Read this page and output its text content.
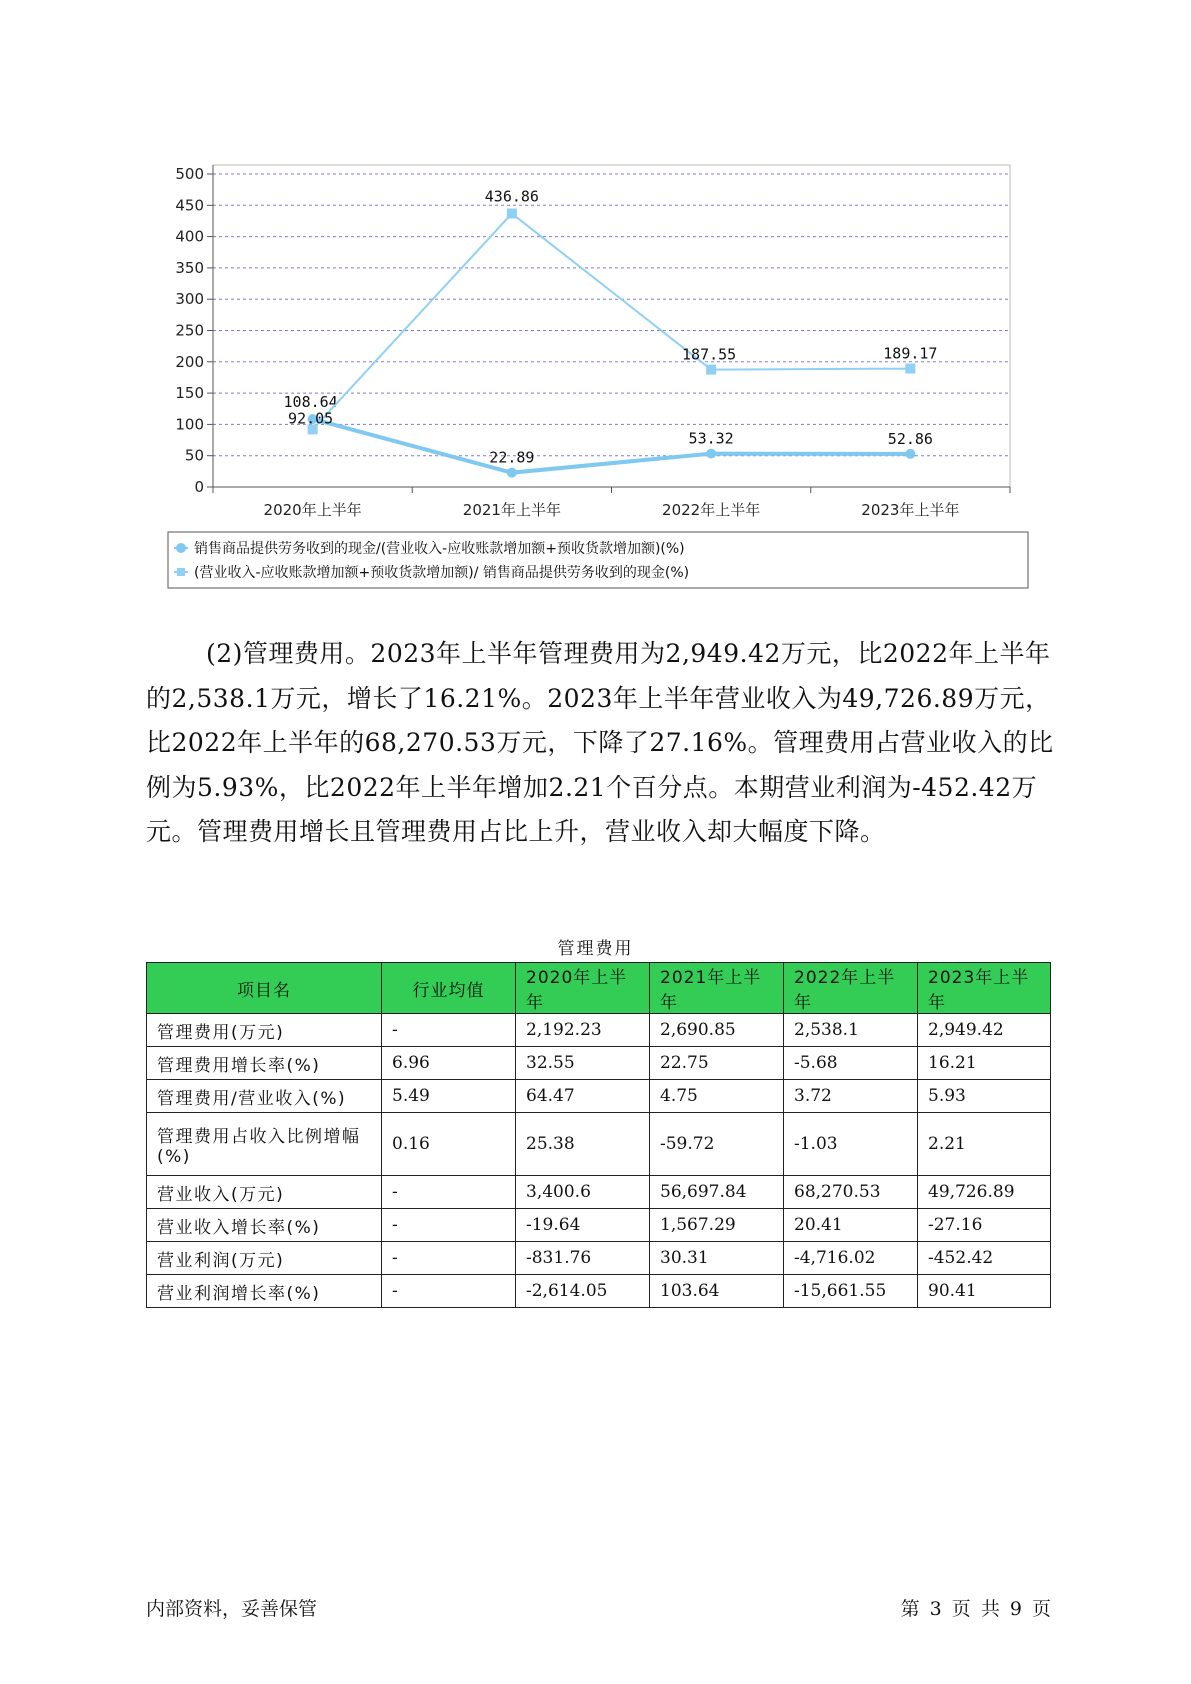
0
50
100
150
200
250
300
350
400
450
500
2020年上半年	2021年上半年	2022年上半年	2023年上半年
108.64
22.89
53.32	52.86
92.05
436.86
187.55	189.17
销售商品提供劳务收到的现金/(营业收入-应收账款增加额+预收货款增加额)(%)
(营业收入-应收账款增加额+预收货款增加额)/ 销售商品提供劳务收到的现金(%)

(2)管理费用。2023年上半年管理费用为2,949.42万元，比2022年上半年的2,538.1万元，增长了16.21%。2023年上半年营业收入为49,726.89万元，比2022年上半年的68,270.53万元，下降了27.16%。管理费用占营业收入的比例为5.93%，比2022年上半年增加2.21个百分点。本期营业利润为-452.42万元。管理费用增长且管理费用占比上升，营业收入却大幅度下降。

管理费用
项目名	行业均值	2020年上半年	2021年上半年	2022年上半年	2023年上半年
管理费用(万元)	-	2,192.23	2,690.85	2,538.1	2,949.42
管理费用增长率(%)	6.96	32.55	22.75	-5.68	16.21
管理费用/营业收入(%)	5.49	64.47	4.75	3.72	5.93
管理费用占收入比例增幅(%)	0.16	25.38	-59.72	-1.03	2.21
营业收入(万元)	-	3,400.6	56,697.84	68,270.53	49,726.89
营业收入增长率(%)	-	-19.64	1,567.29	20.41	-27.16
营业利润(万元)	-	-831.76	30.31	-4,716.02	-452.42
营业利润增长率(%)	-	-2,614.05	103.64	-15,661.55	90.41
内部资料，妥善保管	第 3 页 共 9 页
